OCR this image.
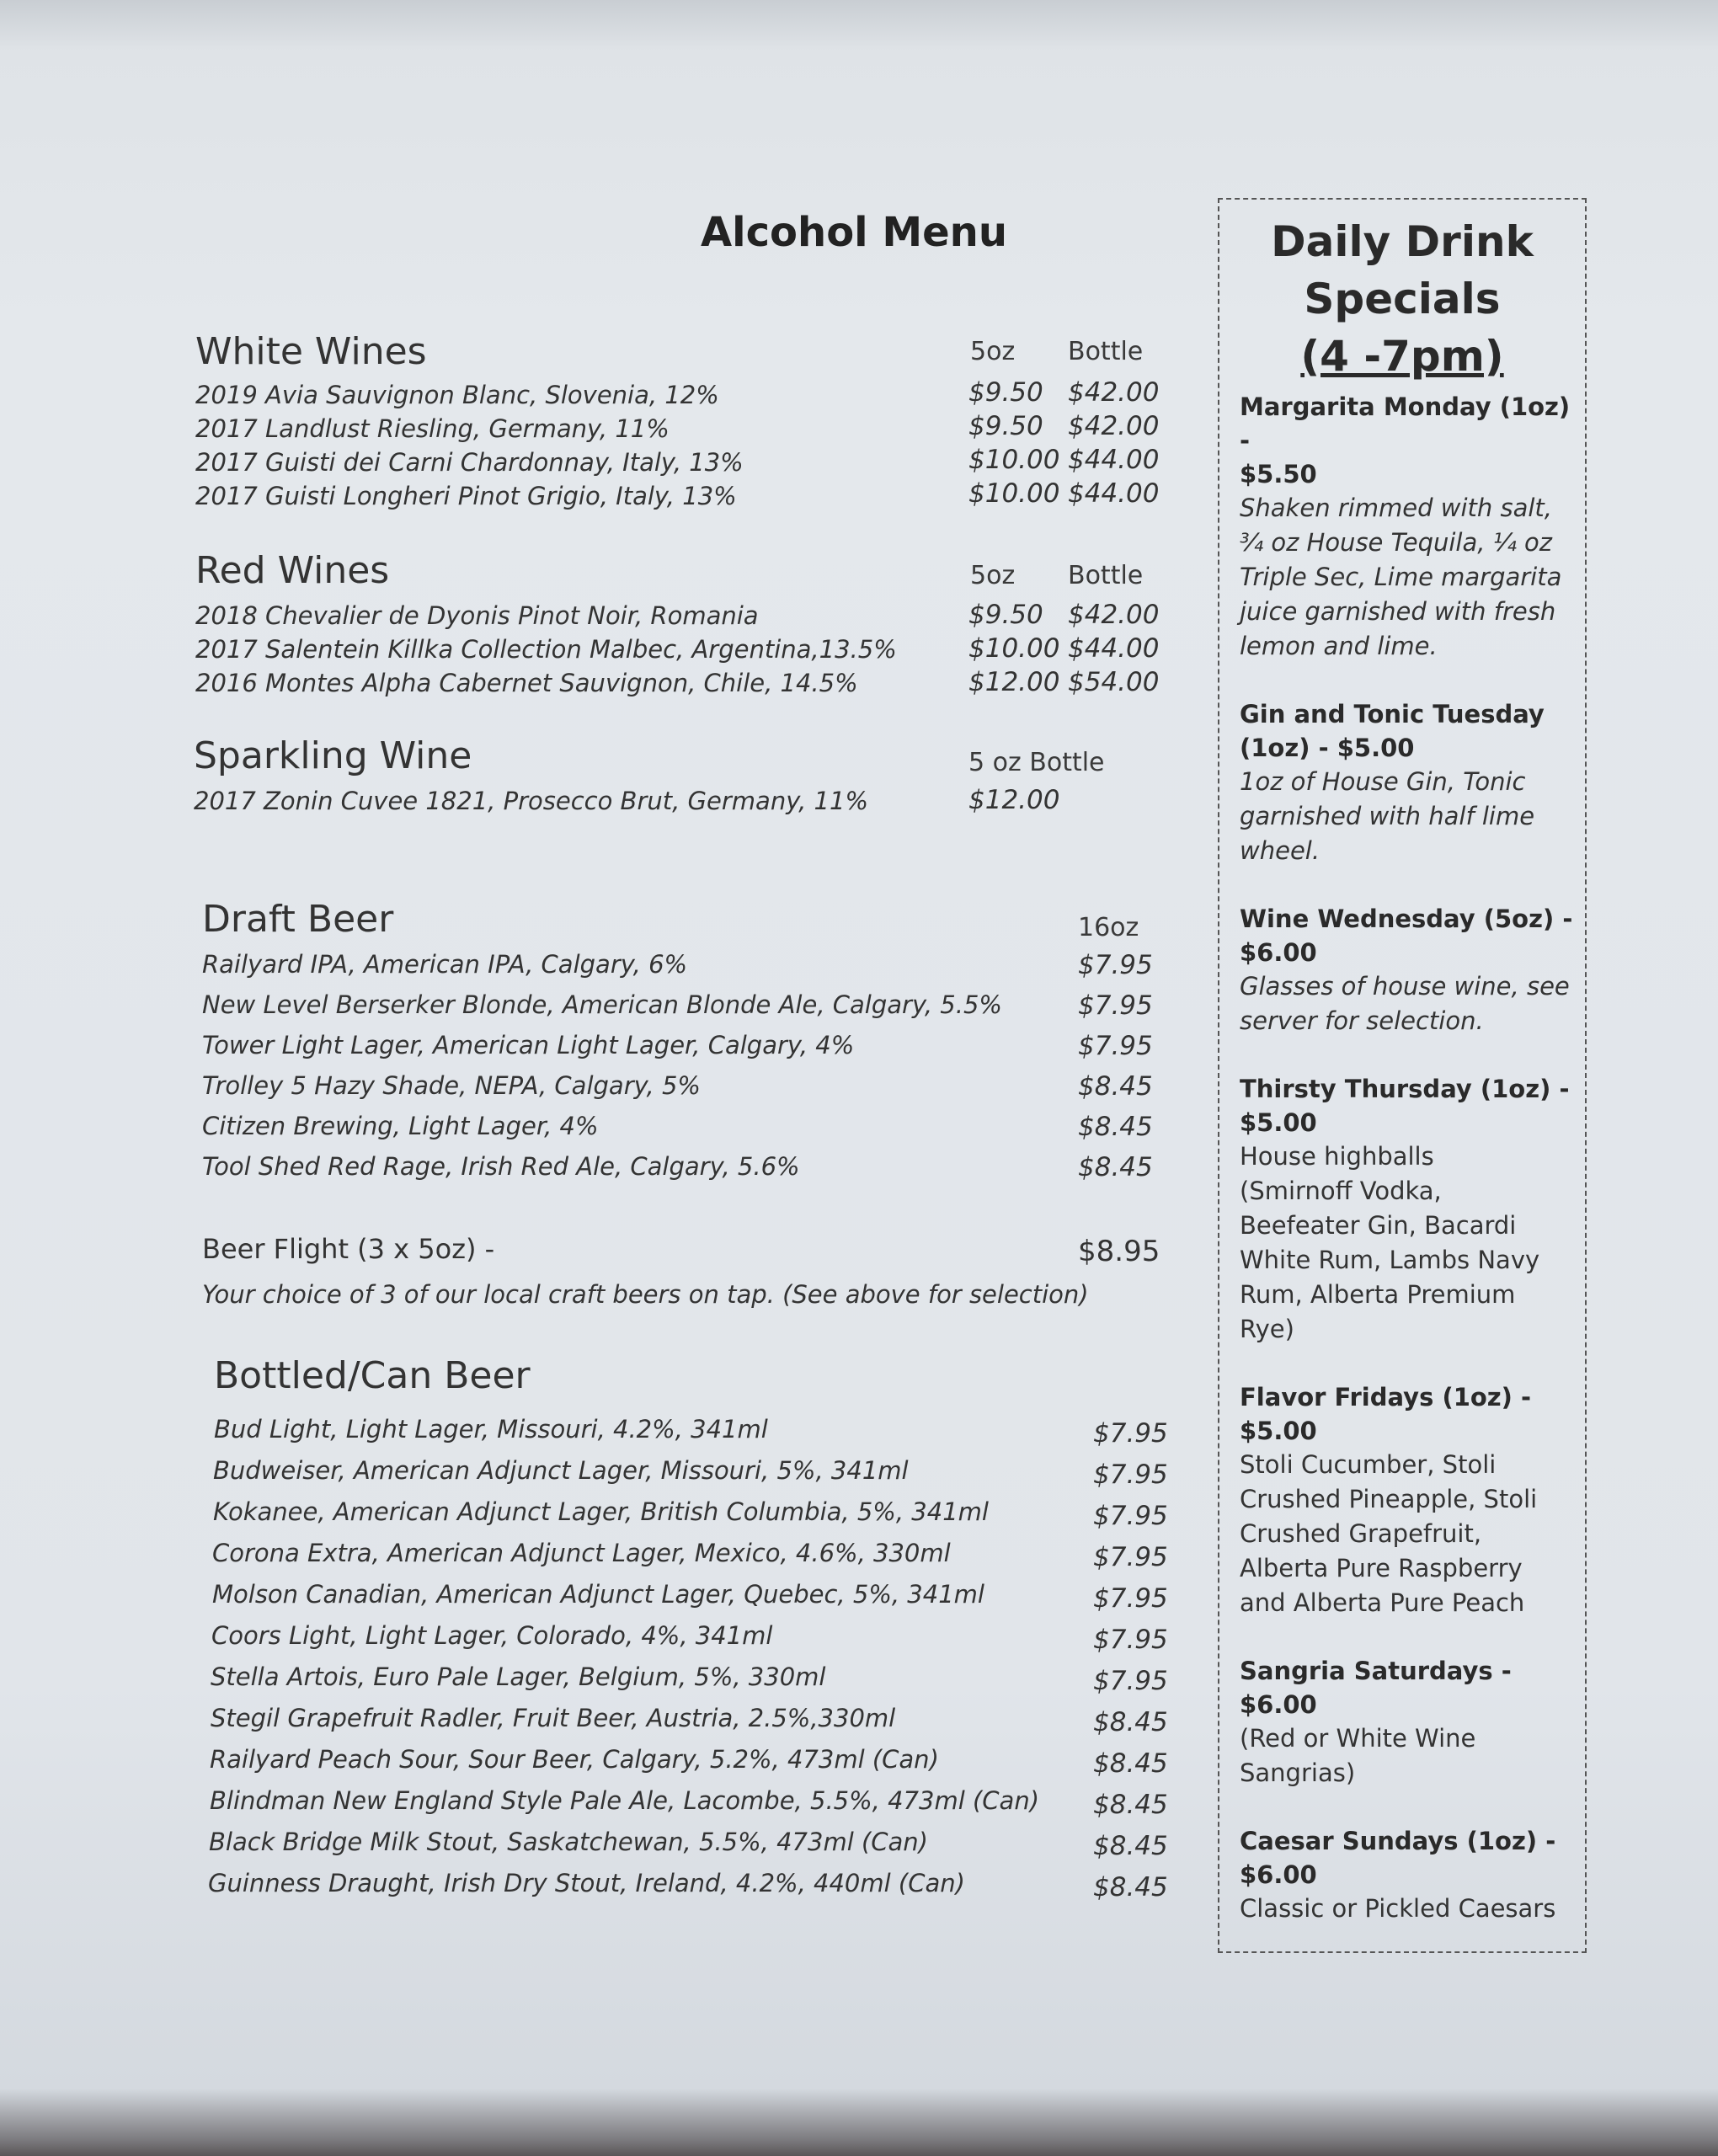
Alcohol Menu
White Wines	5oz Bottle
2019 Avia Sauvignon Blanc, Slovenia, 12%	$9.50 $42.00
2017 Landlust Riesling, Germany, 11%	$9.50 $42.00
2017 Guisti dei Carni Chardonnay, Italy, 13%	$10.00 $44.00
2017 Guisti Longheri Pinot Grigio, Italy, 13%	$10.00 $44.00
Red Wines	5oz Bottle
2018 Chevalier de Dyonis Pinot Noir, Romania	$9.50 $42.00
2017 Salentein Killka Collection Malbec, Argentina,13.5%	$10.00 $44.00
2016 Montes Alpha Cabernet Sauvignon, Chile, 14.5%	$12.00 $54.00
Sparkling Wine	5 oz Bottle
2017 Zonin Cuvee 1821, Prosecco Brut, Germany, 11%	$12.00
Draft Beer	16oz
Railyard IPA, American IPA, Calgary, 6%	$7.95
New Level Berserker Blonde, American Blonde Ale, Calgary, 5.5%	$7.95
Tower Light Lager, American Light Lager, Calgary, 4%	$7.95
Trolley 5 Hazy Shade, NEPA, Calgary, 5%	$8.45
Citizen Brewing, Light Lager, 4%	$8.45
Tool Shed Red Rage, Irish Red Ale, Calgary, 5.6%	$8.45
Beer Flight (3 x 5oz) -	$8.95
Your choice of 3 of our local craft beers on tap. (See above for selection)
Bottled/Can Beer
Bud Light, Light Lager, Missouri, 4.2%, 341ml	$7.95
Budweiser, American Adjunct Lager, Missouri, 5%, 341ml	$7.95
Kokanee, American Adjunct Lager, British Columbia, 5%, 341ml	$7.95
Corona Extra, American Adjunct Lager, Mexico, 4.6%, 330ml	$7.95
Molson Canadian, American Adjunct Lager, Quebec, 5%, 341ml	$7.95
Coors Light, Light Lager, Colorado, 4%, 341ml	$7.95
Stella Artois, Euro Pale Lager, Belgium, 5%, 330ml	$7.95
Stegil Grapefruit Radler, Fruit Beer, Austria, 2.5%,330ml	$8.45
Railyard Peach Sour, Sour Beer, Calgary, 5.2%, 473ml (Can)	$8.45
Blindman New England Style Pale Ale, Lacombe, 5.5%, 473ml (Can) $8.45
Black Bridge Milk Stout, Saskatchewan, 5.5%, 473ml (Can)	$8.45
Guinness Draught, Irish Dry Stout, Ireland, 4.2%, 440ml (Can)	$8.45
Daily Drink
Specials
(4 -7pm)
Margarita Monday (1oz) -
$5.50
Shaken rimmed with salt,
¾ oz House Tequila, ¼ oz
Triple Sec, Lime margarita
juice garnished with fresh
lemon and lime.
Gin and Tonic Tuesday
(1oz) - $5.00
1oz of House Gin, Tonic
garnished with half lime
wheel.
Wine Wednesday (5oz) -
$6.00
Glasses of house wine, see
server for selection.
Thirsty Thursday (1oz) -
$5.00
House highballs
(Smirnoff Vodka,
Beefeater Gin, Bacardi
White Rum, Lambs Navy
Rum, Alberta Premium
Rye)
Flavor Fridays (1oz) -
$5.00
Stoli Cucumber, Stoli
Crushed Pineapple, Stoli
Crushed Grapefruit,
Alberta Pure Raspberry
and Alberta Pure Peach
Sangria Saturdays - $6.00
(Red or White Wine
Sangrias)
Caesar Sundays (1oz) -
$6.00
Classic or Pickled Caesars
